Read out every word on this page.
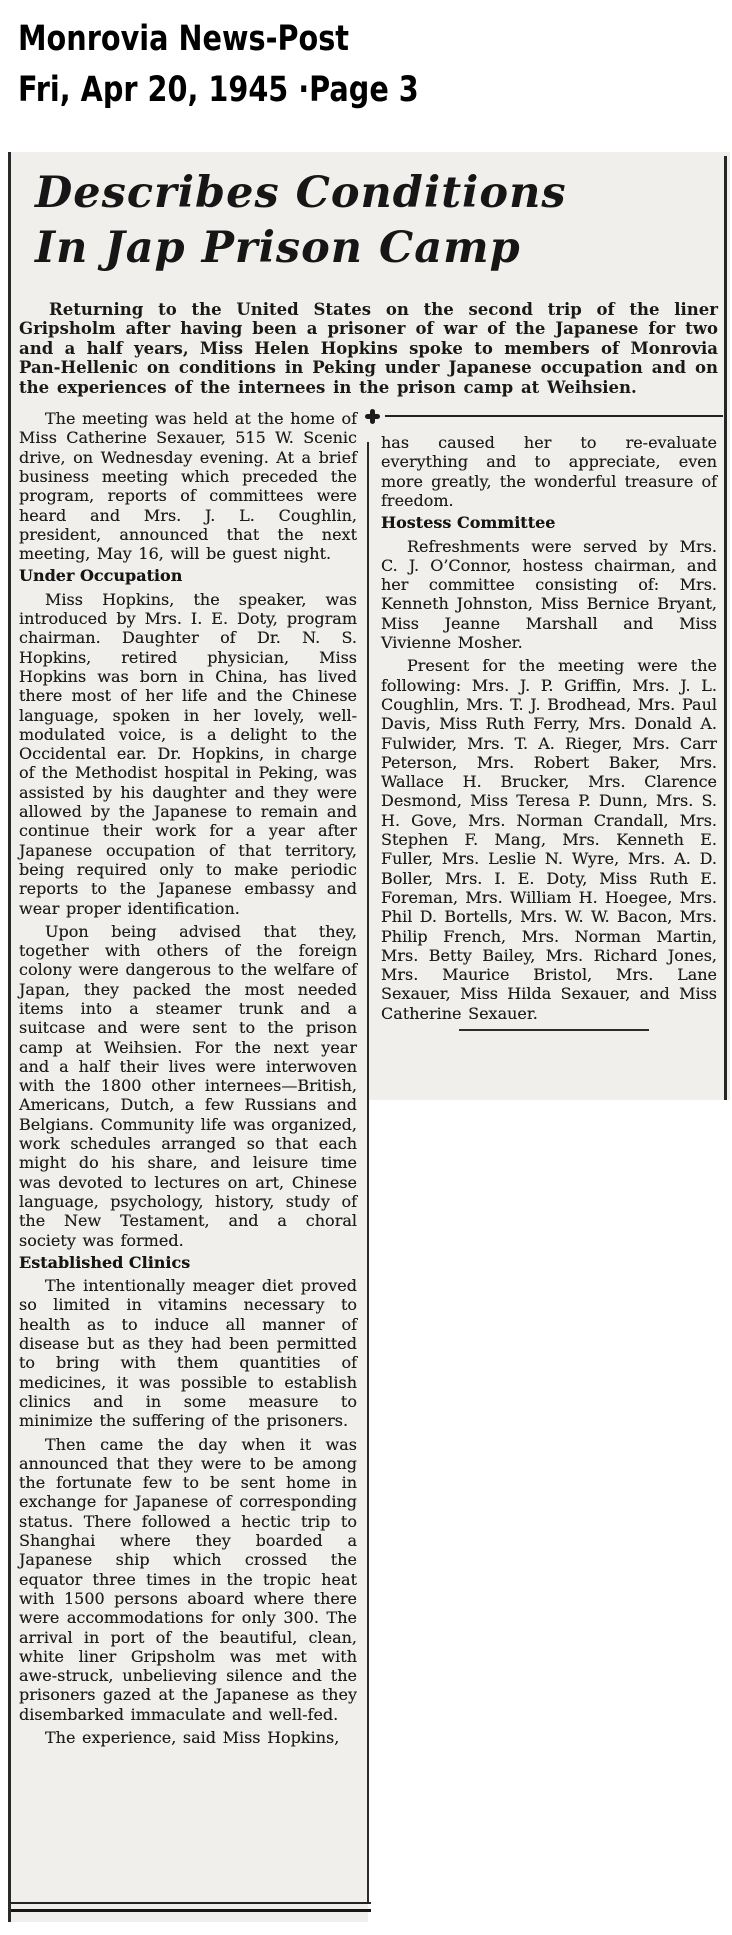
Monrovia News-Post
Fri, Apr 20, 1945 ·Page 3
Describes Conditions
In Jap Prison Camp

Returning to the United States on the second trip of the liner Gripsholm after having been a prisoner of war of the Japanese for two and a half years, Miss Helen Hopkins spoke to members of Monrovia Pan-Hellenic on conditions in Peking under Japanese occupation and on the experiences of the internees in the prison camp at Weihsien.

The meeting was held at the home of Miss Catherine Sexauer, 515 W. Scenic drive, on Wednesday evening. At a brief business meeting which preceded the program, reports of committees were heard and Mrs. J. L. Coughlin, president, announced that the next meeting, May 16, will be guest night.

Under Occupation

Miss Hopkins, the speaker, was introduced by Mrs. I. E. Doty, program chairman. Daughter of Dr. N. S. Hopkins, retired physician, Miss Hopkins was born in China, has lived there most of her life and the Chinese language, spoken in her lovely, well-modulated voice, is a delight to the Occidental ear. Dr. Hopkins, in charge of the Methodist hospital in Peking, was assisted by his daughter and they were allowed by the Japanese to remain and continue their work for a year after Japanese occupation of that territory, being required only to make periodic reports to the Japanese embassy and wear proper identification.

Upon being advised that they, together with others of the foreign colony were dangerous to the welfare of Japan, they packed the most needed items into a steamer trunk and a suitcase and were sent to the prison camp at Weihsien. For the next year and a half their lives were interwoven with the 1800 other internees—British, Americans, Dutch, a few Russians and Belgians. Community life was organized, work schedules arranged so that each might do his share, and leisure time was devoted to lectures on art, Chinese language, psychology, history, study of the New Testament, and a choral society was formed.

Established Clinics

The intentionally meager diet proved so limited in vitamins necessary to health as to induce all manner of disease but as they had been permitted to bring with them quantities of medicines, it was possible to establish clinics and in some measure to minimize the suffering of the prisoners.

Then came the day when it was announced that they were to be among the fortunate few to be sent home in exchange for Japanese of corresponding status. There followed a hectic trip to Shanghai where they boarded a Japanese ship which crossed the equator three times in the tropic heat with 1500 persons aboard where there were accommodations for only 300. The arrival in port of the beautiful, clean, white liner Gripsholm was met with awe-struck, unbelieving silence and the prisoners gazed at the Japanese as they disembarked immaculate and well-fed.

The experience, said Miss Hopkins,

has caused her to re-evaluate everything and to appreciate, even more greatly, the wonderful treasure of freedom.

Hostess Committee

Refreshments were served by Mrs. C. J. O’Connor, hostess chairman, and her committee consisting of: Mrs. Kenneth Johnston, Miss Bernice Bryant, Miss Jeanne Marshall and Miss Vivienne Mosher.

Present for the meeting were the following: Mrs. J. P. Griffin, Mrs. J. L. Coughlin, Mrs. T. J. Brodhead, Mrs. Paul Davis, Miss Ruth Ferry, Mrs. Donald A. Fulwider, Mrs. T. A. Rieger, Mrs. Carr Peterson, Mrs. Robert Baker, Mrs. Wallace H. Brucker, Mrs. Clarence Desmond, Miss Teresa P. Dunn, Mrs. S. H. Gove, Mrs. Norman Crandall, Mrs. Stephen F. Mang, Mrs. Kenneth E. Fuller, Mrs. Leslie N. Wyre, Mrs. A. D. Boller, Mrs. I. E. Doty, Miss Ruth E. Foreman, Mrs. William H. Hoegee, Mrs. Phil D. Bortells, Mrs. W. W. Bacon, Mrs. Philip French, Mrs. Norman Martin, Mrs. Betty Bailey, Mrs. Richard Jones, Mrs. Maurice Bristol, Mrs. Lane Sexauer, Miss Hilda Sexauer, and Miss Catherine Sexauer.
